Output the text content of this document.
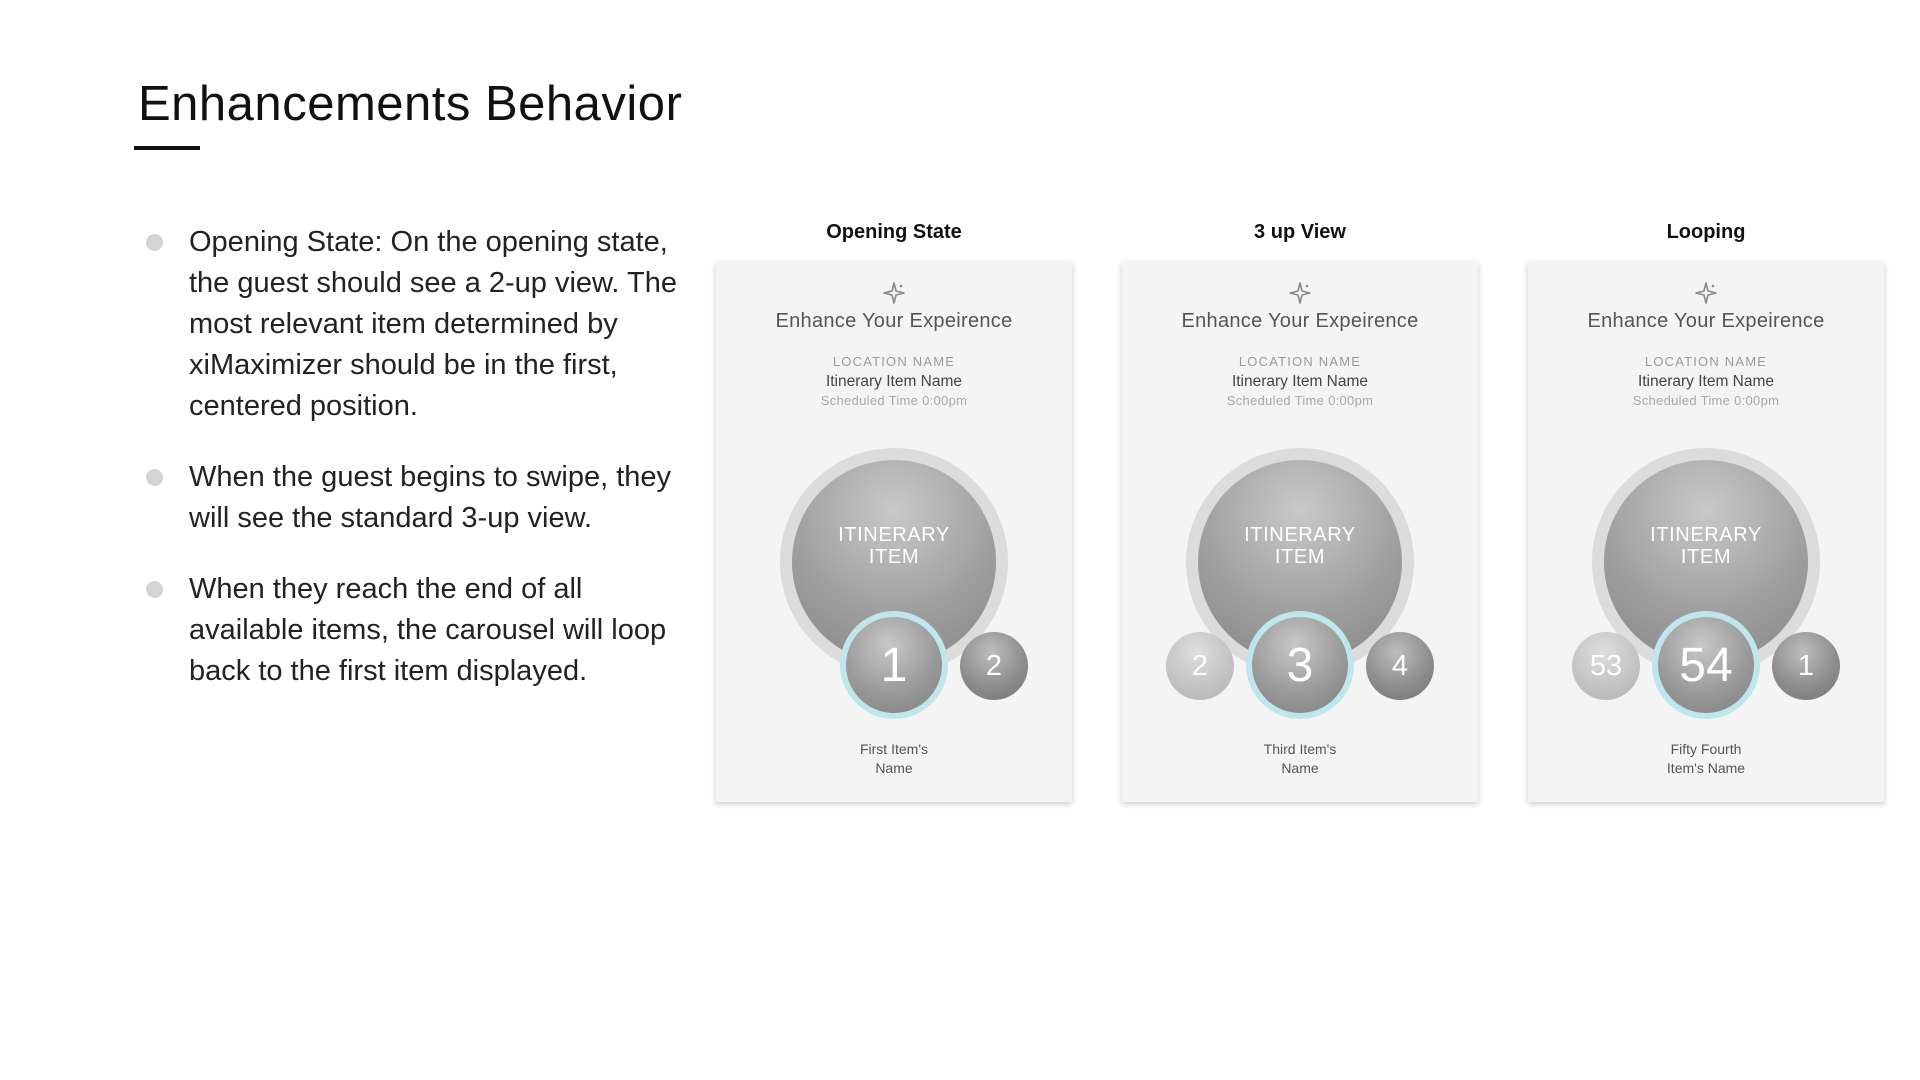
Enhancements Behavior
Opening State: On the opening state, the guest should see a 2-up view. The most relevant item determined by xiMaximizer should be in the first, centered position.
When the guest begins to swipe, they will see the standard 3-up view.
When they reach the end of all available items, the carousel will loop back to the first item displayed.
Opening State
Enhance Your Expeirence
LOCATION NAME
Itinerary Item Name
Scheduled Time 0:00pm
ITINERARY
ITEM
1	2
First Item's
Name
3 up View
Enhance Your Expeirence
LOCATION NAME
Itinerary Item Name
Scheduled Time 0:00pm
ITINERARY
ITEM
2	3	4
Third Item's
Name
Looping
Enhance Your Expeirence
LOCATION NAME
Itinerary Item Name
Scheduled Time 0:00pm
ITINERARY
ITEM
53	54	1
Fifty Fourth
Item's Name
